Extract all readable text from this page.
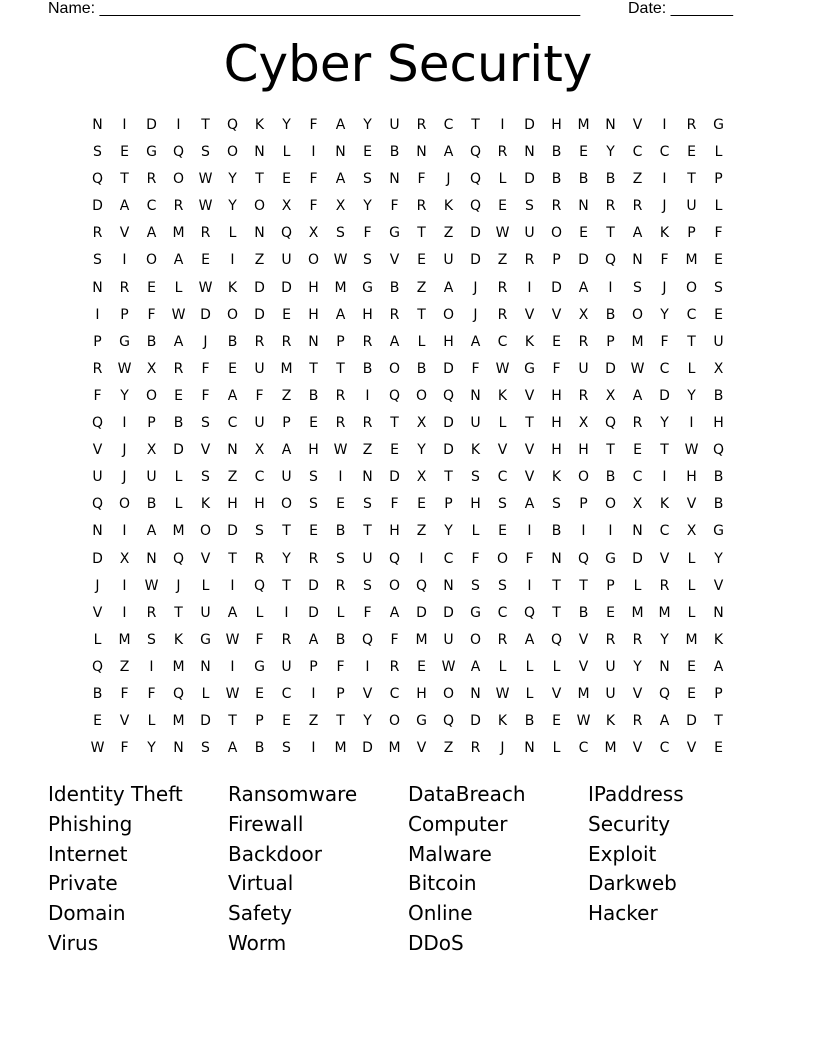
Name: ______________________________________________________	Date: _______
Cyber Security
N	I	D	I	T	Q	K	Y	F	A	Y	U	R	C	T	I	D	H	M	N	V	I	R	G
S	E	G	Q	S	O	N	L	I	N	E	B	N	A	Q	R	N	B	E	Y	C	C	E	L
Q	T	R	O	W	Y	T	E	F	A	S	N	F	J	Q	L	D	B	B	B	Z	I	T	P
D	A	C	R	W	Y	O	X	F	X	Y	F	R	K	Q	E	S	R	N	R	R	J	U	L
R	V	A	M	R	L	N	Q	X	S	F	G	T	Z	D	W	U	O	E	T	A	K	P	F
S	I	O	A	E	I	Z	U	O	W	S	V	E	U	D	Z	R	P	D	Q	N	F	M	E
N	R	E	L	W	K	D	D	H	M	G	B	Z	A	J	R	I	D	A	I	S	J	O	S
I	P	F	W	D	O	D	E	H	A	H	R	T	O	J	R	V	V	X	B	O	Y	C	E
P	G	B	A	J	B	R	R	N	P	R	A	L	H	A	C	K	E	R	P	M	F	T	U
R	W	X	R	F	E	U	M	T	T	B	O	B	D	F	W	G	F	U	D	W	C	L	X
F	Y	O	E	F	A	F	Z	B	R	I	Q	O	Q	N	K	V	H	R	X	A	D	Y	B
Q	I	P	B	S	C	U	P	E	R	R	T	X	D	U	L	T	H	X	Q	R	Y	I	H
V	J	X	D	V	N	X	A	H	W	Z	E	Y	D	K	V	V	H	H	T	E	T	W	Q
U	J	U	L	S	Z	C	U	S	I	N	D	X	T	S	C	V	K	O	B	C	I	H	B
Q	O	B	L	K	H	H	O	S	E	S	F	E	P	H	S	A	S	P	O	X	K	V	B
N	I	A	M	O	D	S	T	E	B	T	H	Z	Y	L	E	I	B	I	I	N	C	X	G
D	X	N	Q	V	T	R	Y	R	S	U	Q	I	C	F	O	F	N	Q	G	D	V	L	Y
J	I	W	J	L	I	Q	T	D	R	S	O	Q	N	S	S	I	T	T	P	L	R	L	V
V	I	R	T	U	A	L	I	D	L	F	A	D	D	G	C	Q	T	B	E	M	M	L	N
L	M	S	K	G	W	F	R	A	B	Q	F	M	U	O	R	A	Q	V	R	R	Y	M	K
Q	Z	I	M	N	I	G	U	P	F	I	R	E	W	A	L	L	L	V	U	Y	N	E	A
B	F	F	Q	L	W	E	C	I	P	V	C	H	O	N	W	L	V	M	U	V	Q	E	P
E	V	L	M	D	T	P	E	Z	T	Y	O	G	Q	D	K	B	E	W	K	R	A	D	T
W	F	Y	N	S	A	B	S	I	M	D	M	V	Z	R	J	N	L	C	M	V	C	V	E
Identity Theft
Phishing
Internet
Private
Domain
Virus
Ransomware
Firewall
Backdoor
Virtual
Safety
Worm
DataBreach
Computer
Malware
Bitcoin
Online
DDoS
IPaddress
Security
Exploit
Darkweb
Hacker
